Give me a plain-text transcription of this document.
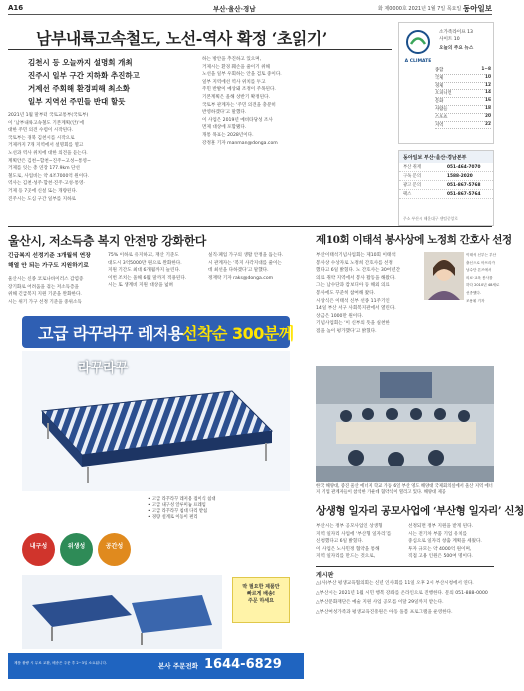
A16	부산·울산·경남	화 제0000호 2021년 1월 7일 목요일 동아일보
남부내륙고속철도, 노선-역사 확정 ‘초읽기’
김천시 등 오늘까지 설명회 개최
진주시 일부 구간 지하화 추진하고
거제선 주회해 환경피해 최소화
일부 지역선 주민들 반대 할듯
2021년 1월 말부터 국토교통부(국토부)
이 ‘남부내륙고속철도 기본계획(안)’에
대한 주민 의견 수렴이 시작된다.
국토부는 경북 김천시를 시작으로
거제까지 7개 지역에서 설명회를 열고
노선과 역사 위치에 대한 의견을 듣는다.
계획안은 김천∼합천∼진주∼고성∼통영∼
거제를 잇는 총 연장 177.9km 단선
철도로, 사업비는 약 4조7000억 원이다.
역사는 김천·성주·합천·진주·고성·통영·
거제 등 7곳에 신설 또는 개량된다.
진주시는 도심 구간 일부를 지하로
하는 방안을 추진하고 있으며,
거제시는 환경 훼손을 줄이기 위해
노선을 일부 우회하는 안을 검토 중이다.
일부 지역에선 역사 위치를 두고
주민 반발이 예상돼 조정이 주목된다.
기본계획은 올해 상반기 확정된다.
국토부 관계자는 ‘주민 의견을 충분히
반영하겠다’고 말했다.
이 사업은 2019년 예비타당성 조사
면제 대상에 포함됐다.
개통 목표는 2028년이다.
강정훈 기자 manman@donga.com
A CLIMATE
소가족라이프 13
사이트 10
오늘의 주요 뉴스
종합	1~8
국제	10
경제	12
오피니언	14
문화	16
사람들	18
스포츠	20
지역	22
동아일보 부산·울산·경남본부
부산 취재	051-464-7070
구독 문의	1588-2020
광고 문의	051-867-5768
팩스	051-867-5764
주소 부산시 해운대구 센텀중앙로
울산시, 저소득층 복지 안전망 강화한다
긴급복지 선정기준 3개월씩 연장
해열 안 되는 가구도 지원하기로
울산시는 신종 코로나바이러스 감염증
장기화로 어려움을 겪는 저소득층을
위해 긴급복지 지원 기준을 완화한다.
시는 위기 가구 선정 기준을 중위소득
75% 이하로 유지하고, 재산 기준도
대도시 3억5000만 원으로 완화한다.
지원 기간도 최대 6개월까지 늘린다.
이번 조치는 올해 6월 말까지 적용된다.
시는 또 생계비 지원 대상을 넓혀
실직·폐업 가구의 생활 안정을 돕는다.
시 관계자는 ‘복지 사각지대를 줄이는
데 최선을 다하겠다’고 말했다.
정재락 기자 raks@donga.com
제10회 이태석 봉사상에 노정희 간호사 선정
부산이태석기념사업회는 제10회 이태석
봉사상 수상자로 노정희 간호사를 선정
했다고 6일 밝혔다. 노 간호사는 30여년간
의료 취약 지역에서 봉사 활동을 해왔다.
그는 남수단과 캄보디아 등 해외 의료
봉사에도 꾸준히 참여해 왔다.
시상식은 이태석 신부 선종 11주기인
14일 부산 서구 사회복지관에서 열린다.
상금은 1000만 원이다.
기념사업회는 ‘이 신부의 뜻을 실천한
점을 높이 평가했다’고 밝혔다.
이태석 신부는 부산
출신으로 아프리카
남수단 톤즈에서
의료·교육 봉사를
하다 2010년 48세로
선종했다.
조용휘 기자
한국 해양대, 증진 울산 에너지 학교 가동 6일 부산 영도 해양대 국제회의실에서 울산 지역 에너지 기업 관계자들이 참석한 가운데 협약식이 열리고 있다. 해양대 제공
상생형 일자리 공모사업에 ‘부산형 일자리’ 신청
부산시는 정부 공모사업인 상생형
지역 일자리 사업에 ‘부산형 일자리’를
신청했다고 6일 밝혔다.
이 사업은 노사민정 협약을 통해
지역 일자리를 만드는 것으로,
선정되면 정부 지원을 받게 된다.
시는 전기차 부품 기업 유치를
중심으로 일자리 창출 계획을 세웠다.
투자 규모는 약 4000억 원이며,
직접 고용 인원은 500여 명이다.
게시판
△(사)부산 평생교육협의회는 신년 인사회를 11일 오후 2시 부산시청에서 연다.
△부산시는 2021년 1월 시민 행복 강좌를 온라인으로 진행한다. 문의 051-888-0000
△부산문화재단은 예술 지원 사업 공모를 이달 29일까지 받는다.
△부산여성가족과 평생교육진흥원은 아동 돌봄 프로그램을 운영한다.
고급 라꾸라꾸 레저용 선착순 300분께
라꾸라꾸
내구성	위생성	공간성
• 고급 라꾸라꾸 레저용 접이식 침대
• 고급 내구성 알루미늄 프레임
• 고급 라꾸라꾸 침대 다리 받침
• 경량 설계로 이동이 편리
딱 필요한 제품만
빠르게 배송!
주문 하세요
제품 불량 시 무료 교환, 배송은 주문 후 2~3일 소요됩니다.	본사 주문전화 1644-6829
